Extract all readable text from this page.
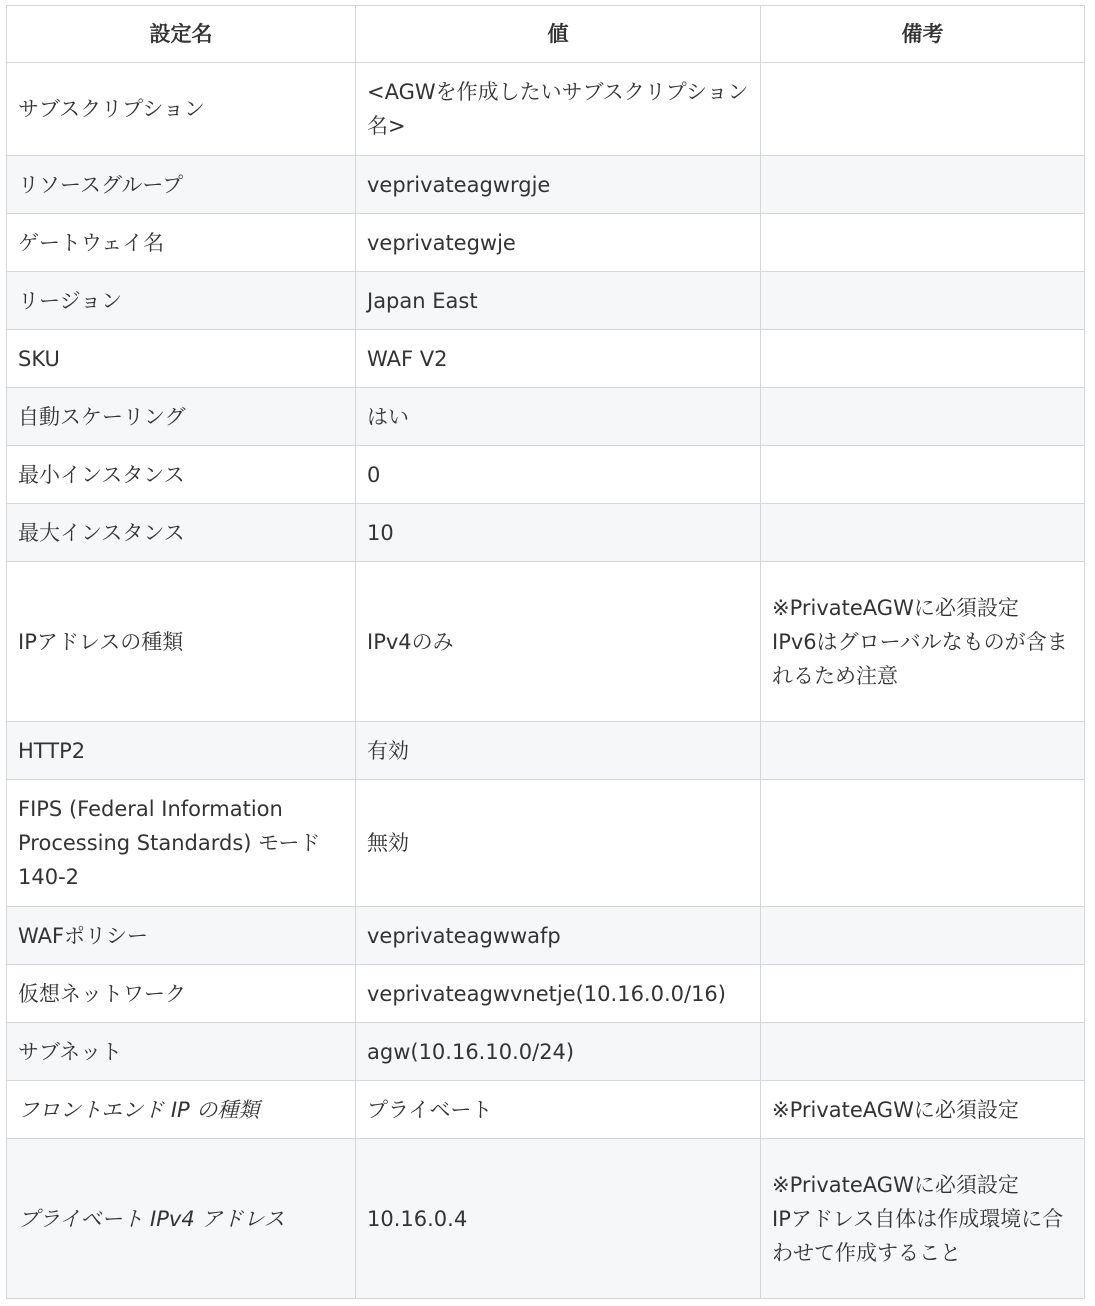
設定名	値	備考
サブスクリプション	<AGWを作成したいサブスクリプション名>	
リソースグループ	veprivateagwrgje	
ゲートウェイ名	veprivategwje	
リージョン	Japan East	
SKU	WAF V2	
自動スケーリング	はい	
最小インスタンス	0	
最大インスタンス	10	
IPアドレスの種類	IPv4のみ	※PrivateAGWに必須設定
IPv6はグローバルなものが含まれるため注意
HTTP2	有効	
FIPS (Federal Information Processing Standards) モード 140-2	無効	
WAFポリシー	veprivateagwwafp	
仮想ネットワーク	veprivateagwvnetje(10.16.0.0/16)	
サブネット	agw(10.16.10.0/24)	
フロントエンド IP の種類	プライベート	※PrivateAGWに必須設定
プライベート IPv4 アドレス	10.16.0.4	※PrivateAGWに必須設定
IPアドレス自体は作成環境に合わせて作成すること
